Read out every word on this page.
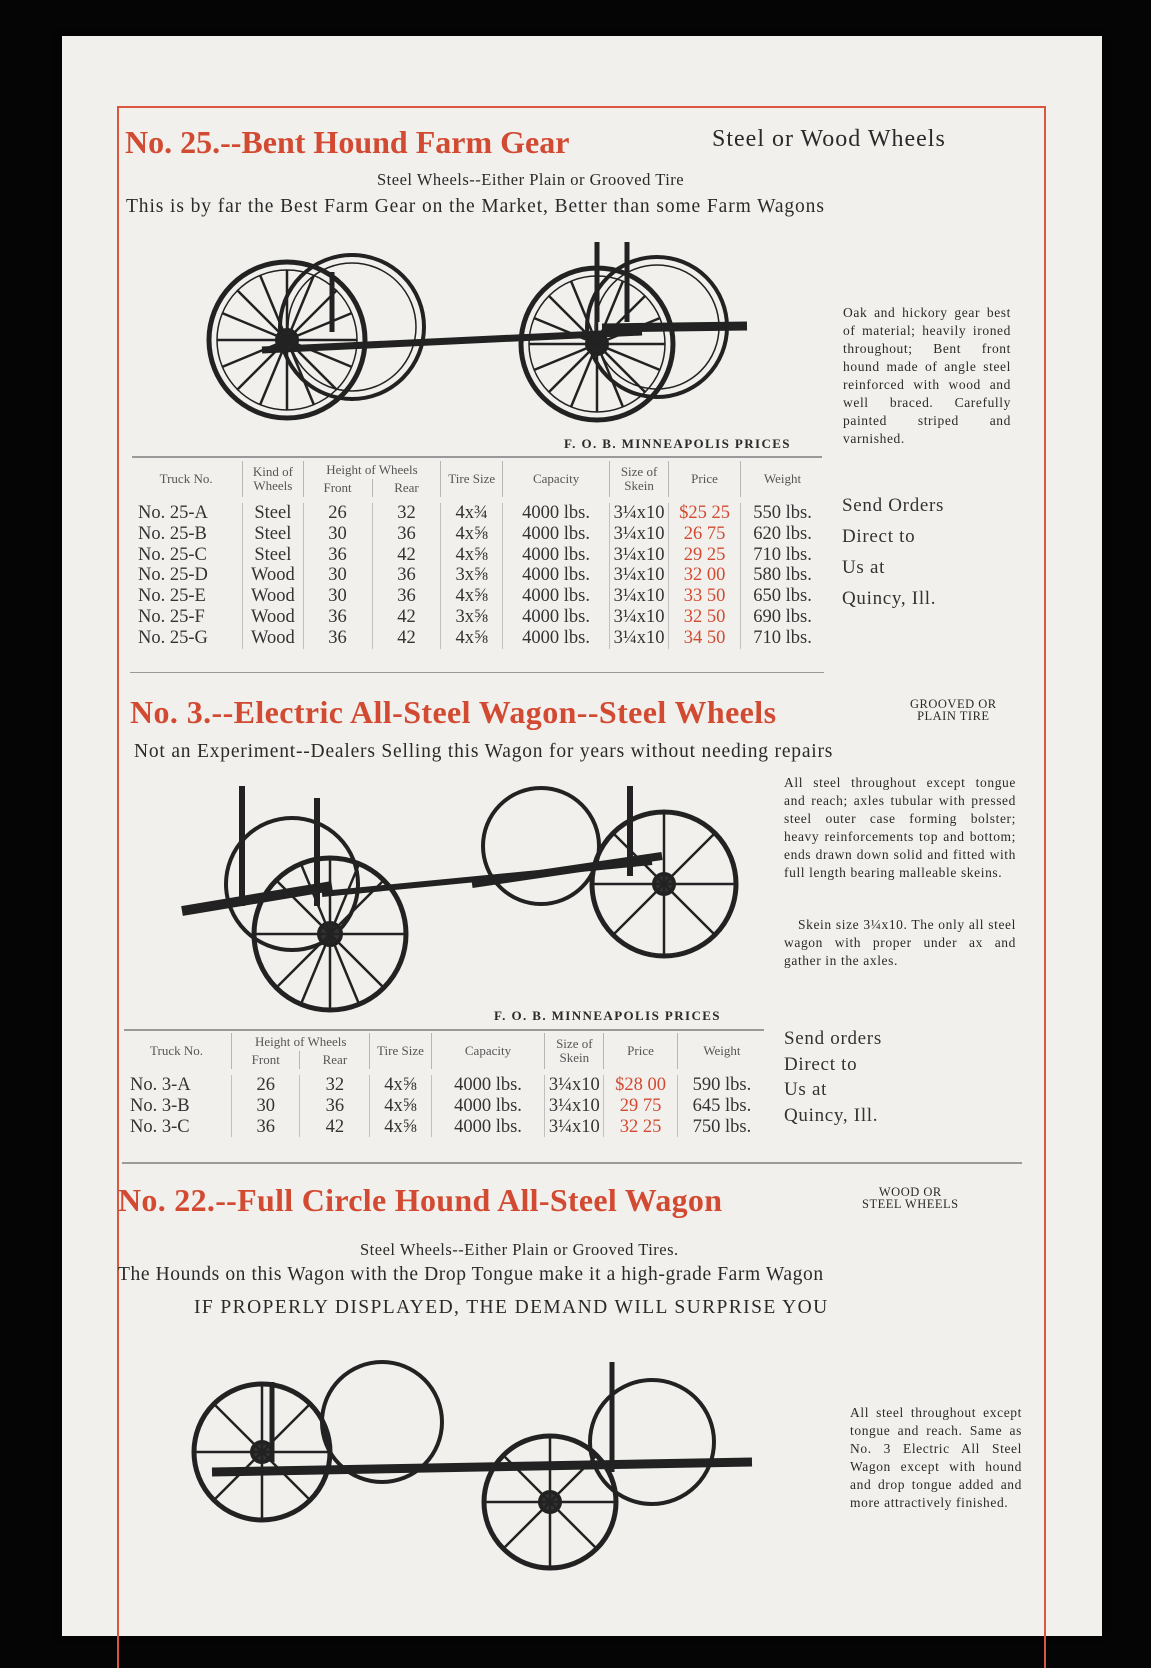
No. 25.--Bent Hound Farm Gear	Steel or Wood Wheels
Steel Wheels--Either Plain or Grooved Tire
This is by far the Best Farm Gear on the Market, Better than some Farm Wagons
Oak and hickory gear best of material; heavily ironed throughout; Bent front hound made of angle steel reinforced with wood and well braced. Carefully painted striped and varnished.
F. O. B. MINNEAPOLIS PRICES
Truck No.	Kind of Wheels	Height of Wheels		Tire Size	Capacity	Size of Skein	Price	Weight
		Front	Rear					

No. 25-A	Steel	26	32	4x¾	4000 lbs.	3¼x10	$25 25	550 lbs.
No. 25-B	Steel	30	36	4x⅝	4000 lbs.	3¼x10	26 75	620 lbs.
No. 25-C	Steel	36	42	4x⅝	4000 lbs.	3¼x10	29 25	710 lbs.
No. 25-D	Wood	30	36	3x⅝	4000 lbs.	3¼x10	32 00	580 lbs.
No. 25-E	Wood	30	36	4x⅝	4000 lbs.	3¼x10	33 50	650 lbs.
No. 25-F	Wood	36	42	3x⅝	4000 lbs.	3¼x10	32 50	690 lbs.
No. 25-G	Wood	36	42	4x⅝	4000 lbs.	3¼x10	34 50	710 lbs.
Send Orders
Direct to
Us at
Quincy, Ill.
No. 3.--Electric All-Steel Wagon--Steel Wheels	GROOVED OR
PLAIN TIRE
Not an Experiment--Dealers Selling this Wagon for years without needing repairs
All steel throughout except tongue and reach; axles tubular with pressed steel outer case forming bolster; heavy reinforcements top and bottom; ends drawn down solid and fitted with full length bearing malleable skeins.
Skein size 3¼x10. The only all steel wagon with proper under ax and gather in the axles.
F. O. B. MINNEAPOLIS PRICES
Truck No.	Height of Wheels		Tire Size	Capacity	Size of Skein	Price	Weight
	Front	Rear					

No. 3-A	26	32	4x⅝	4000 lbs.	3¼x10	$28 00	590 lbs.
No. 3-B	30	36	4x⅝	4000 lbs.	3¼x10	29 75	645 lbs.
No. 3-C	36	42	4x⅝	4000 lbs.	3¼x10	32 25	750 lbs.
Send orders
Direct to
Us at
Quincy, Ill.
No. 22.--Full Circle Hound All-Steel Wagon	WOOD OR
STEEL WHEELS
Steel Wheels--Either Plain or Grooved Tires.
The Hounds on this Wagon with the Drop Tongue make it a high-grade Farm Wagon
IF PROPERLY DISPLAYED, THE DEMAND WILL SURPRISE YOU
All steel throughout except tongue and reach. Same as No. 3 Electric All Steel Wagon except with hound and drop tongue added and more attractively finished.
